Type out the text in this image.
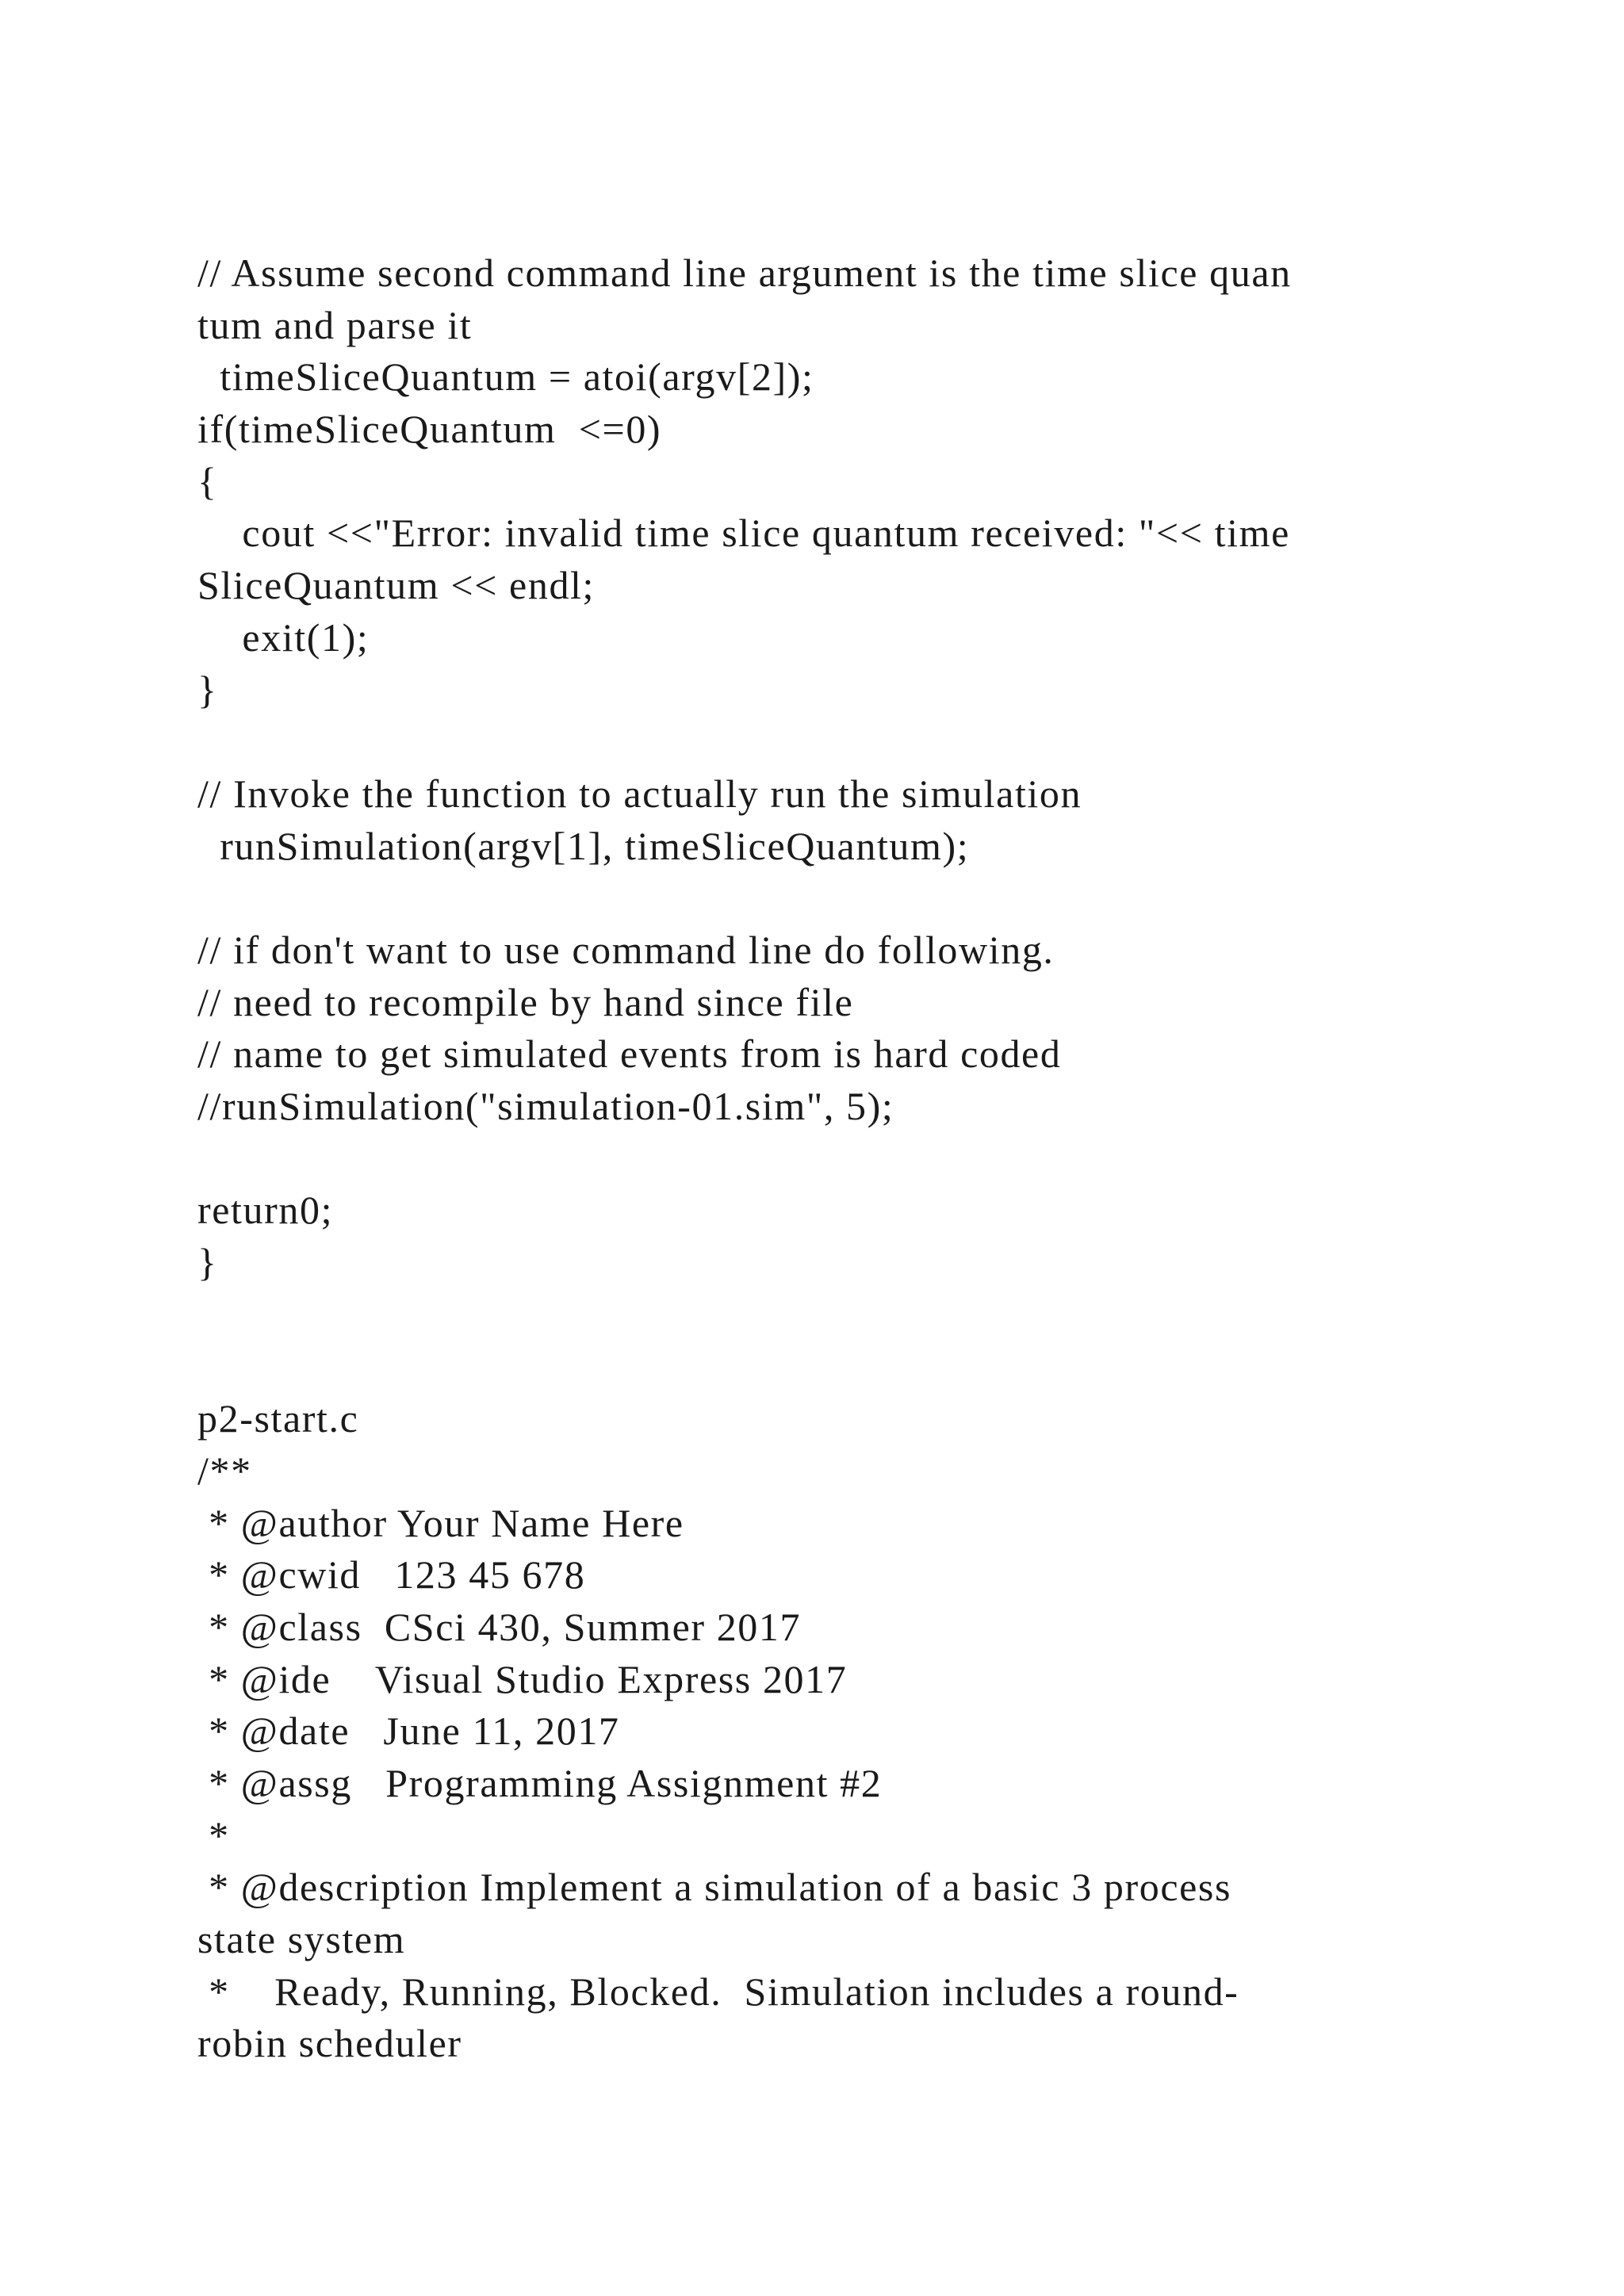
// Assume second command line argument is the time slice quan
tum and parse it
timeSliceQuantum = atoi(argv[2]);
if(timeSliceQuantum  <=0)
{
cout <<"Error: invalid time slice quantum received: "<< time
SliceQuantum << endl;
exit(1);
}
// Invoke the function to actually run the simulation
runSimulation(argv[1], timeSliceQuantum);
// if don't want to use command line do following.
// need to recompile by hand since file
// name to get simulated events from is hard coded
//runSimulation("simulation-01.sim", 5);
return0;
}
p2-start.c
/**
* @author Your Name Here
* @cwid   123 45 678
* @class  CSci 430, Summer 2017
* @ide    Visual Studio Express 2017
* @date   June 11, 2017
* @assg   Programming Assignment #2
*
* @description Implement a simulation of a basic 3 process
state system
*    Ready, Running, Blocked.  Simulation includes a round-
robin scheduler
